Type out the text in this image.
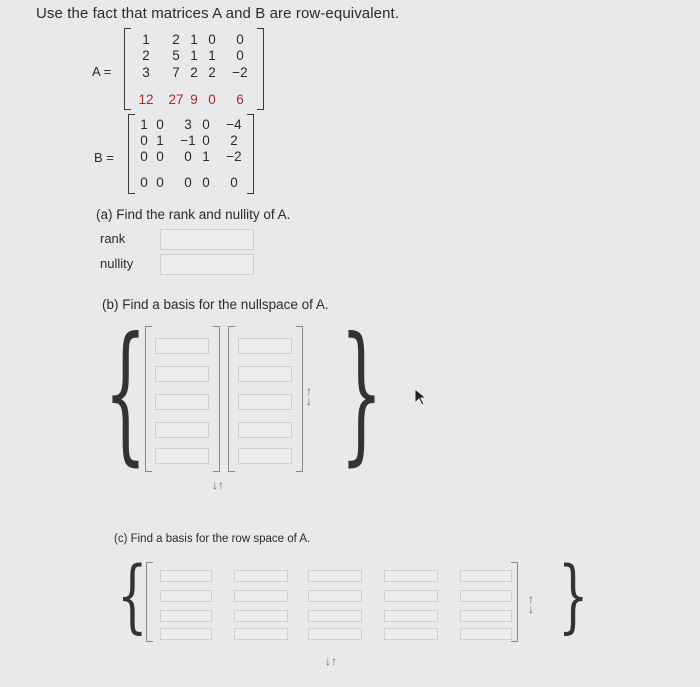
Use the fact that matrices A and B are row-equivalent.
A =
1	2 1 0	0
2	5 1 1	0
3	7 2 2	−2
12 27 9 0	6
B =
1 0	3 0	−4
0 1	−1 0	2
0 0	0 1	−2
0 0	0 0	0
(a) Find the rank and nullity of A.
rank
nullity
(b) Find a basis for the nullspace of A.
{ }
↑
↓
↓↑
(c) Find a basis for the row space of A.
{	}
↑
↓
↓↑
